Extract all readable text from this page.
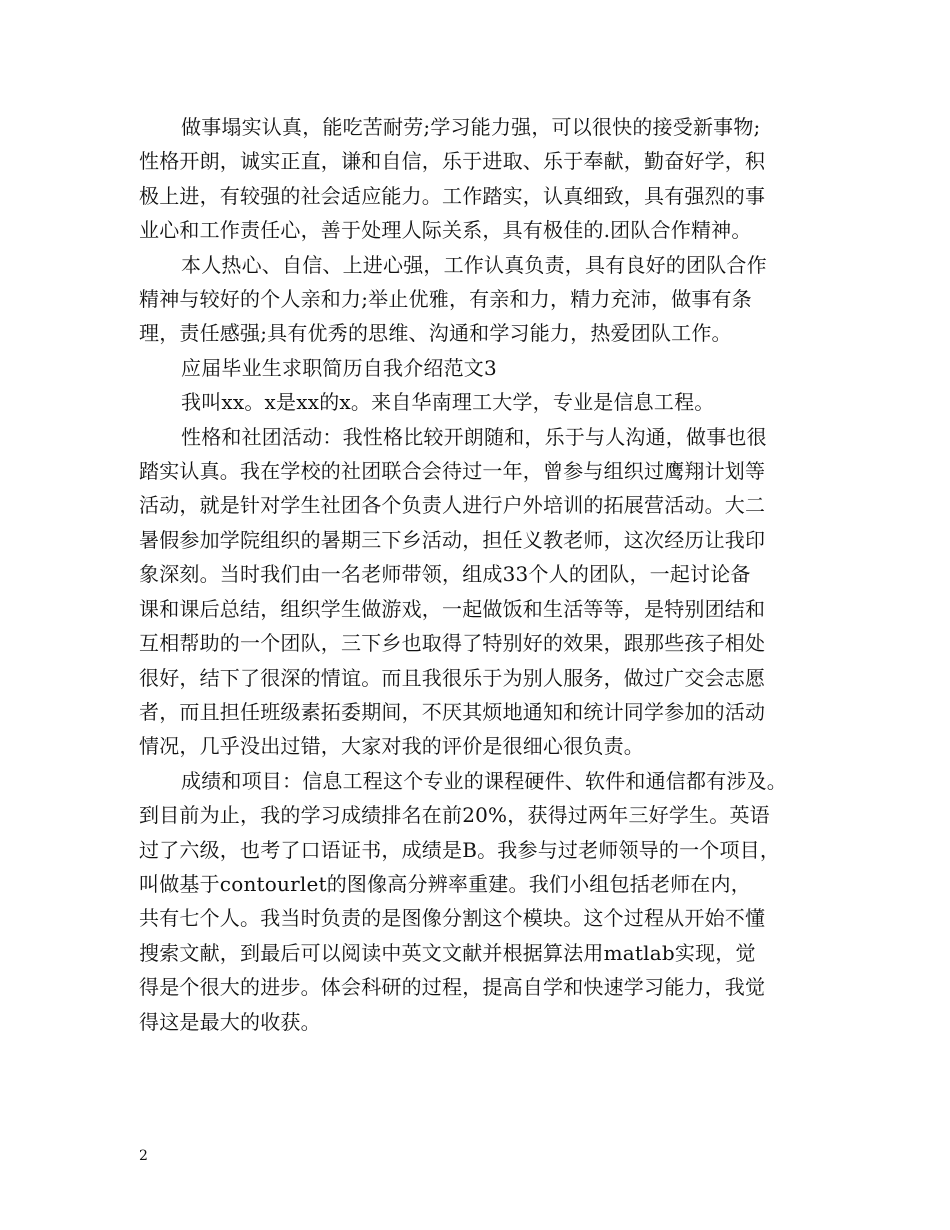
做事塌实认真，能吃苦耐劳;学习能力强，可以很快的接受新事物;
性格开朗，诚实正直，谦和自信，乐于进取、乐于奉献，勤奋好学，积
极上进，有较强的社会适应能力。工作踏实，认真细致，具有强烈的事
业心和工作责任心，善于处理人际关系，具有极佳的.团队合作精神。

本人热心、自信、上进心强，工作认真负责，具有良好的团队合作
精神与较好的个人亲和力;举止优雅，有亲和力，精力充沛，做事有条
理，责任感强;具有优秀的思维、沟通和学习能力，热爱团队工作。

应届毕业生求职简历自我介绍范文3

我叫xx。x是xx的x。来自华南理工大学，专业是信息工程。

性格和社团活动：我性格比较开朗随和，乐于与人沟通，做事也很
踏实认真。我在学校的社团联合会待过一年，曾参与组织过鹰翔计划等
活动，就是针对学生社团各个负责人进行户外培训的拓展营活动。大二
暑假参加学院组织的暑期三下乡活动，担任义教老师，这次经历让我印
象深刻。当时我们由一名老师带领，组成33个人的团队，一起讨论备
课和课后总结，组织学生做游戏，一起做饭和生活等等，是特别团结和
互相帮助的一个团队，三下乡也取得了特别好的效果，跟那些孩子相处
很好，结下了很深的情谊。而且我很乐于为别人服务，做过广交会志愿
者，而且担任班级素拓委期间，不厌其烦地通知和统计同学参加的活动
情况，几乎没出过错，大家对我的评价是很细心很负责。

成绩和项目：信息工程这个专业的课程硬件、软件和通信都有涉及。
到目前为止，我的学习成绩排名在前20%，获得过两年三好学生。英语
过了六级，也考了口语证书，成绩是B。我参与过老师领导的一个项目，
叫做基于contourlet的图像高分辨率重建。我们小组包括老师在内，
共有七个人。我当时负责的是图像分割这个模块。这个过程从开始不懂
搜索文献，到最后可以阅读中英文文献并根据算法用matlab实现，觉
得是个很大的进步。体会科研的过程，提高自学和快速学习能力，我觉
得这是最大的收获。

2
